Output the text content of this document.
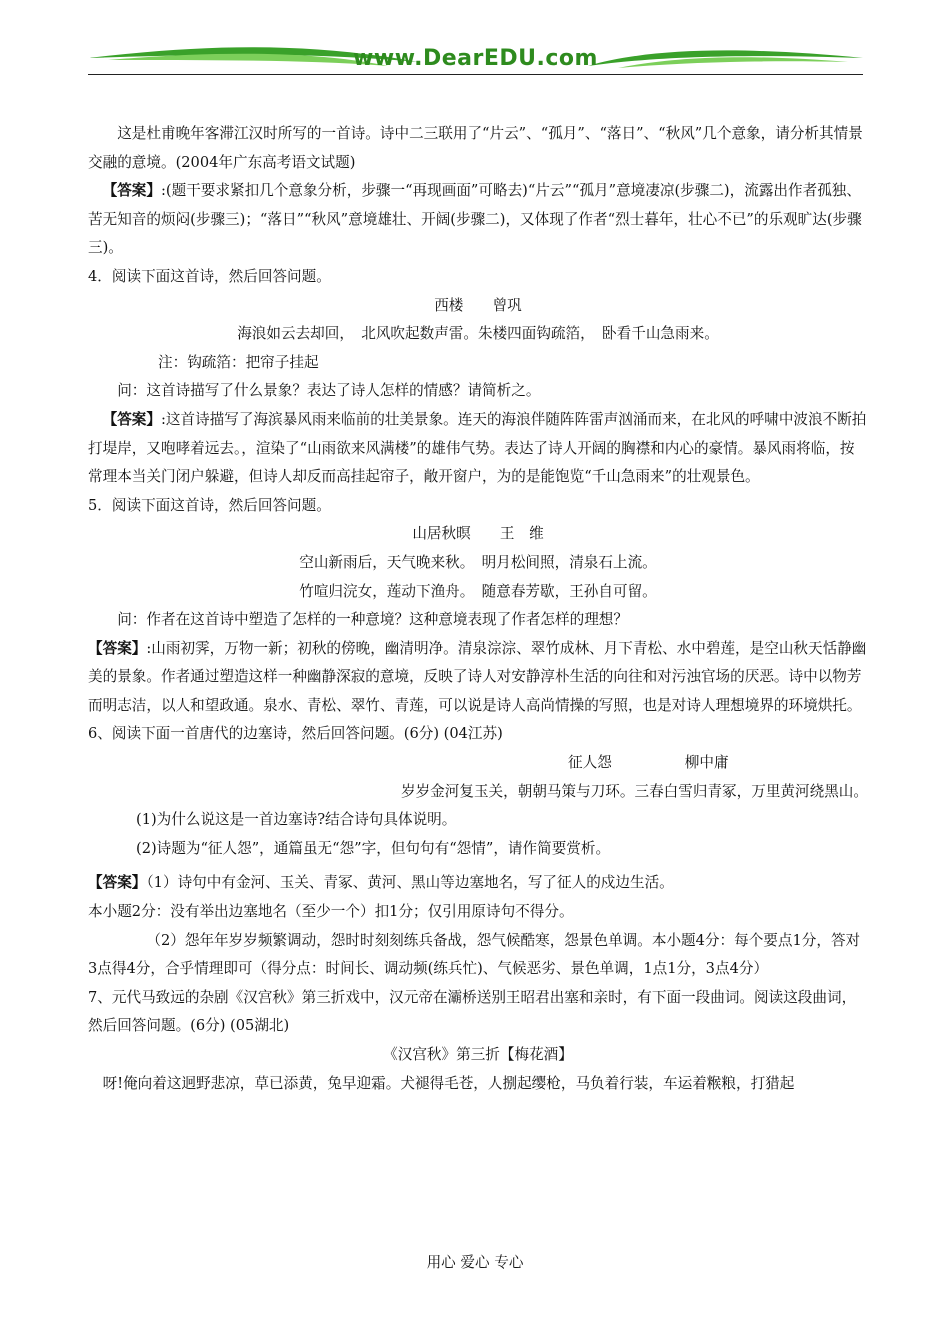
www.DearEDU.com

这是杜甫晚年客滞江汉时所写的一首诗。诗中二三联用了“片云”、“孤月”、“落日”、“秋风”几个意象，请分析其情景交融的意境。(2004年广东高考语文试题)

【答案】:(题干要求紧扣几个意象分析，步骤一“再现画面”可略去)“片云”“孤月”意境凄凉(步骤二)，流露出作者孤独、苦无知音的烦闷(步骤三)；“落日”“秋风”意境雄壮、开阔(步骤二)，又体现了作者“烈士暮年，壮心不已”的乐观旷达(步骤三)。

4．阅读下面这首诗，然后回答问题。

西楼　　曾巩

海浪如云去却回，　北风吹起数声雷。朱楼四面钩疏箔，　卧看千山急雨来。

注：钩疏箔：把帘子挂起

问：这首诗描写了什么景象？表达了诗人怎样的情感？请简析之。

【答案】:这首诗描写了海滨暴风雨来临前的壮美景象。连天的海浪伴随阵阵雷声汹涌而来，在北风的呼啸中波浪不断拍打堤岸，又咆哮着远去。，渲染了“山雨欲来风满楼”的雄伟气势。表达了诗人开阔的胸襟和内心的豪情。暴风雨将临，按常理本当关门闭户躲避，但诗人却反而高挂起帘子，敞开窗户，为的是能饱览“千山急雨来”的壮观景色。

5．阅读下面这首诗，然后回答问题。

山居秋暝　　王　维

空山新雨后，天气晚来秋。　明月松间照，清泉石上流。

竹喧归浣女，莲动下渔舟。　随意春芳歇，王孙自可留。

问：作者在这首诗中塑造了怎样的一种意境？这种意境表现了作者怎样的理想？

【答案】:山雨初霁，万物一新；初秋的傍晚，幽清明净。清泉淙淙、翠竹成林、月下青松、水中碧莲，是空山秋天恬静幽美的景象。作者通过塑造这样一种幽静深寂的意境，反映了诗人对安静淳朴生活的向往和对污浊官场的厌恶。诗中以物芳而明志洁，以人和望政通。泉水、青松、翠竹、青莲，可以说是诗人高尚情操的写照，也是对诗人理想境界的环境烘托。

6、阅读下面一首唐代的边塞诗，然后回答问题。(6分) (04江苏)

征人怨　　　　　柳中庸

岁岁金河复玉关，朝朝马策与刀环。三春白雪归青冢，万里黄河绕黑山。

(1)为什么说这是一首边塞诗?结合诗句具体说明。

(2)诗题为“征人怨”，通篇虽无“怨”字，但句句有“怨情”，请作简要赏析。

【答案】（1）诗句中有金河、玉关、青冢、黄河、黑山等边塞地名，写了征人的戍边生活。

本小题2分：没有举出边塞地名（至少一个）扣1分；仅引用原诗句不得分。

（2）怨年年岁岁频繁调动，怨时时刻刻练兵备战，怨气候酷寒，怨景色单调。本小题4分：每个要点1分，答对3点得4分，合乎情理即可（得分点：时间长、调动频(练兵忙)、气候恶劣、景色单调，1点1分，3点4分）

7、元代马致远的杂剧《汉宫秋》第三折戏中，汉元帝在灞桥送别王昭君出塞和亲时，有下面一段曲词。阅读这段曲词，然后回答问题。(6分) (05湖北)

《汉宫秋》第三折【梅花酒】

呀!俺向着这迥野悲凉，草已添黄，兔早迎霜。犬褪得毛苍，人捌起缨枪，马负着行装，车运着糇粮，打猎起

用心 爱心 专心
